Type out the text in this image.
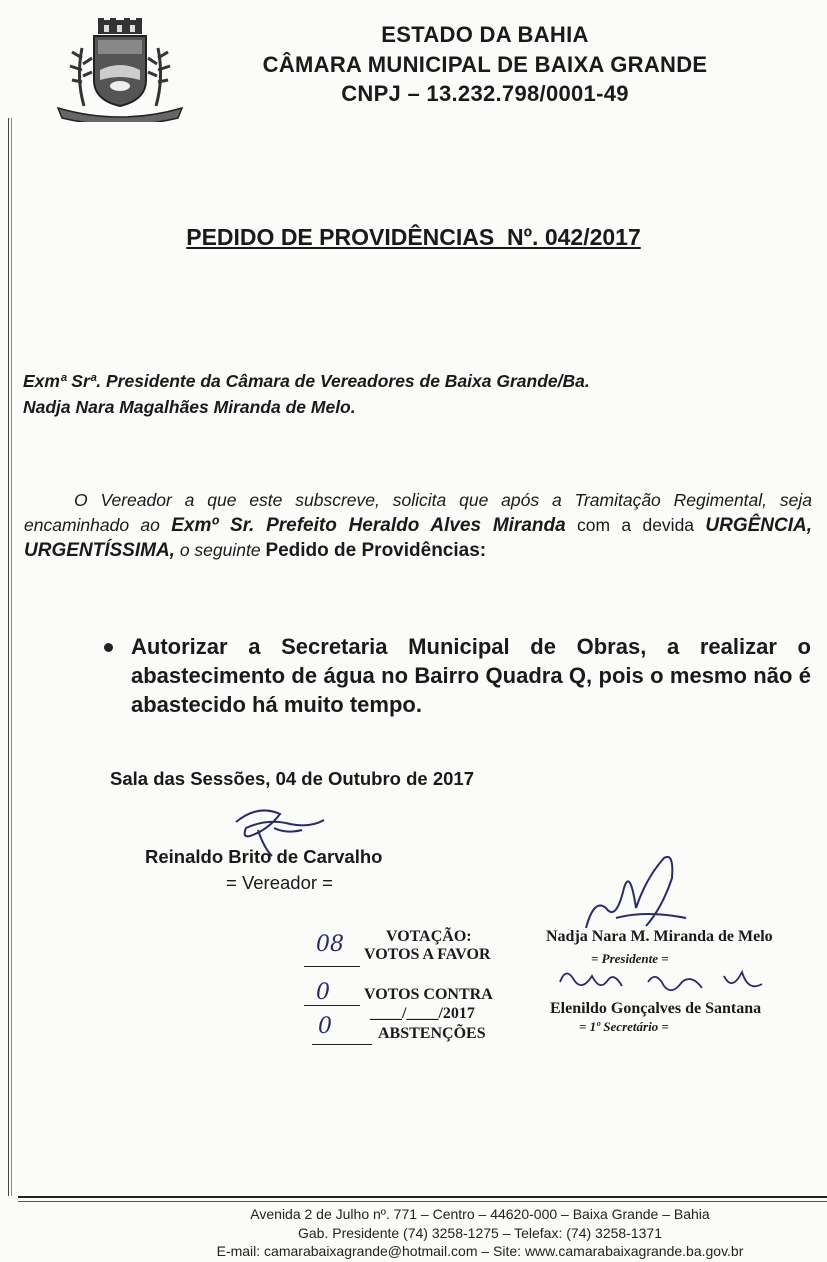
ESTADO DA BAHIA
CÂMARA MUNICIPAL DE BAIXA GRANDE
CNPJ – 13.232.798/0001-49
PEDIDO DE PROVIDÊNCIAS  Nº. 042/2017
Exmª Srª. Presidente da Câmara de Vereadores de Baixa Grande/Ba.
Nadja Nara Magalhães Miranda de Melo.
O Vereador a que este subscreve, solicita que após a Tramitação Regimental, seja encaminhado ao Exmº Sr. Prefeito Heraldo Alves Miranda com a devida URGÊNCIA, URGENTÍSSIMA, o seguinte Pedido de Providências:
Autorizar a Secretaria Municipal de Obras, a realizar o abastecimento de água no Bairro Quadra Q, pois o mesmo não é abastecido há muito tempo.
Sala das Sessões, 04 de Outubro de 2017
Reinaldo Brito de Carvalho
= Vereador =
VOTAÇÃO:
08 VOTOS A FAVOR
0 VOTOS CONTRA
____/____/2017
0	ABSTENÇÕES
Nadja Nara M. Miranda de Melo
= Presidente =
Elenildo Gonçalves de Santana
= 1º Secretário =
Avenida 2 de Julho nº. 771 – Centro – 44620-000 – Baixa Grande – Bahia
Gab. Presidente (74) 3258-1275 – Telefax: (74) 3258-1371
E-mail: camarabaixagrande@hotmail.com – Site: www.camarabaixagrande.ba.gov.br
